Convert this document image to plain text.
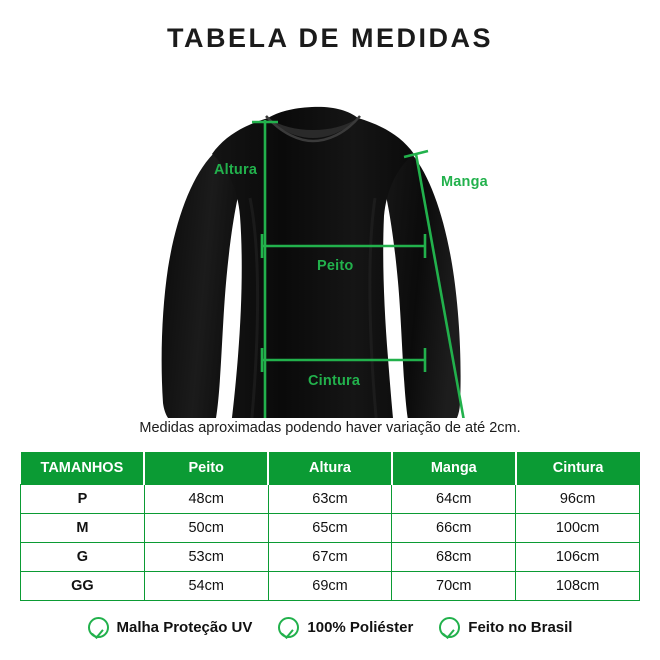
TABELA DE MEDIDAS
Altura
Manga
Peito
Cintura
Medidas aproximadas podendo haver variação de até 2cm.
TAMANHOS	Peito	Altura	Manga	Cintura
P	48cm	63cm	64cm	96cm
M	50cm	65cm	66cm	100cm
G	53cm	67cm	68cm	106cm
GG	54cm	69cm	70cm	108cm
Malha Proteção UV	100% Poliéster	Feito no Brasil
